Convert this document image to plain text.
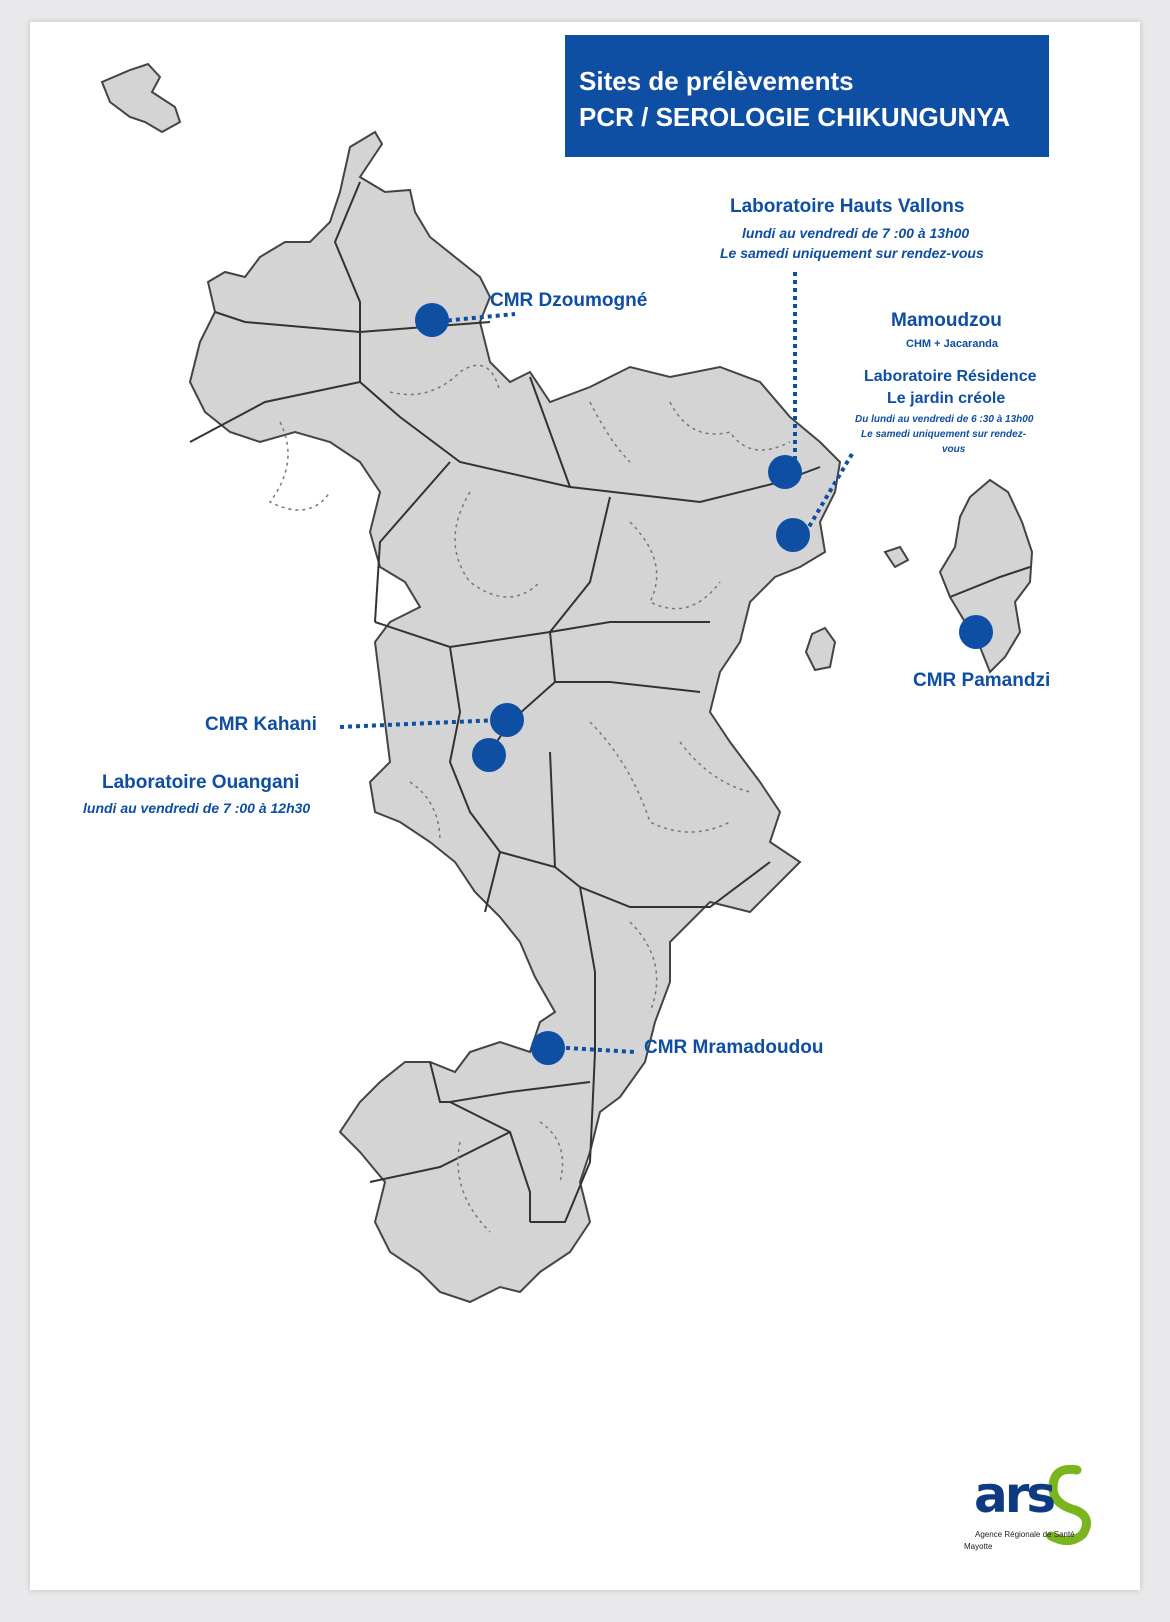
Sites de prélèvements
PCR / SEROLOGIE CHIKUNGUNYA
Laboratoire Hauts Vallons
lundi au vendredi de 7 :00 à 13h00
Le samedi uniquement sur rendez-vous
CMR Dzoumogné
Mamoudzou
CHM + Jacaranda
Laboratoire Résidence
Le jardin créole
Du lundi au vendredi de 6 :30 à 13h00
Le samedi uniquement sur rendez-
vous
CMR Pamandzi
CMR Kahani
Laboratoire Ouangani
lundi au vendredi de 7 :00 à 12h30
CMR Mramadoudou
ars
Agence Régionale de Santé
Mayotte
